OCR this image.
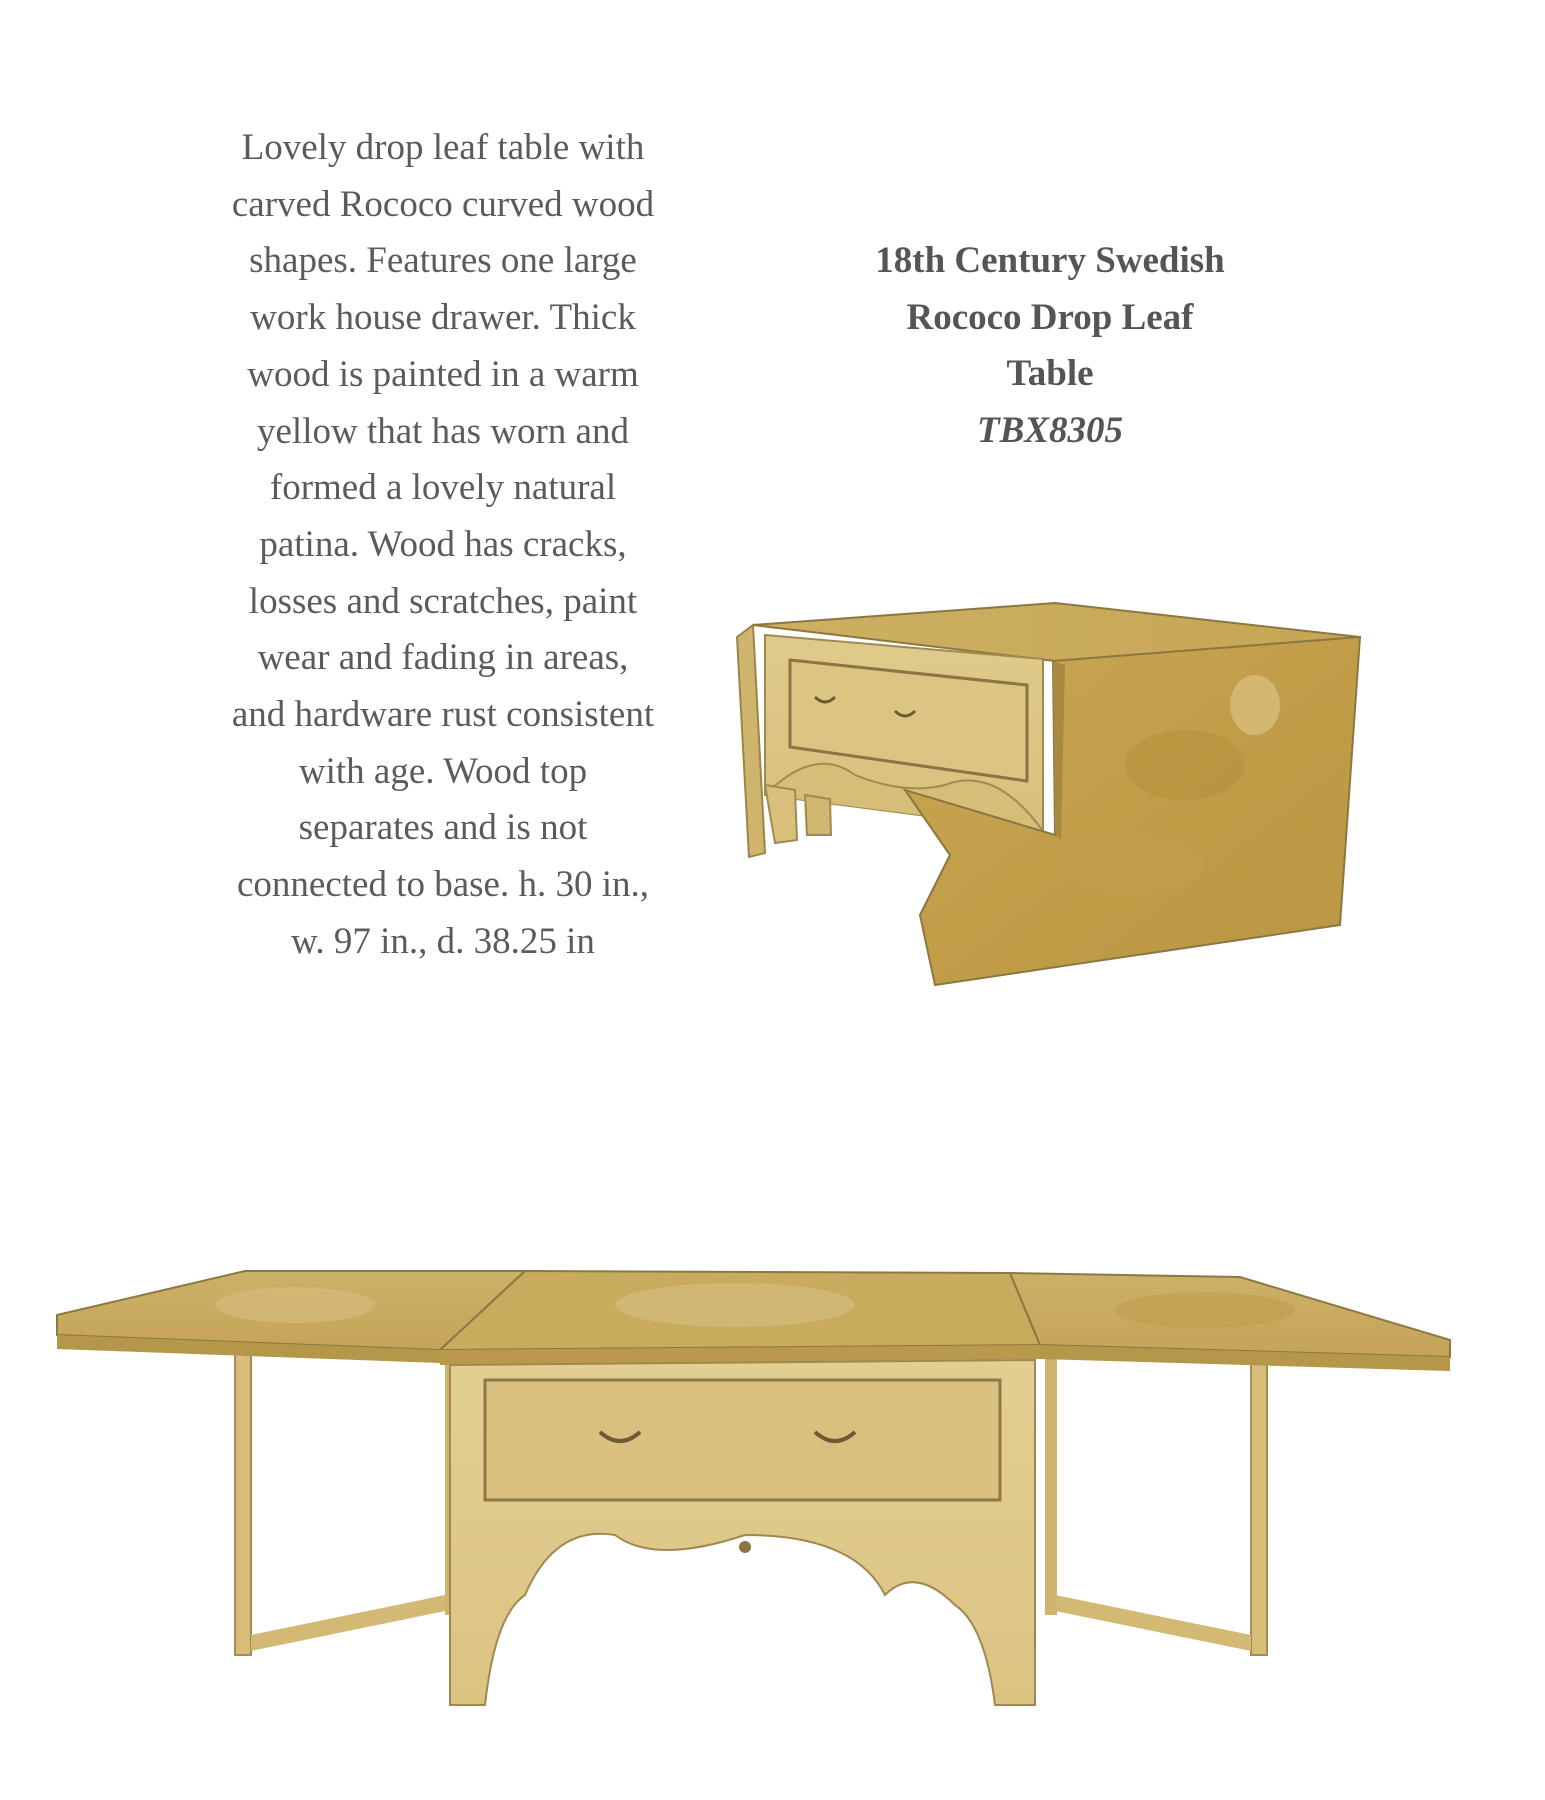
Lovely drop leaf table with carved Rococo curved wood shapes. Features one large work house drawer. Thick wood is painted in a warm yellow that has worn and formed a lovely natural patina. Wood has cracks, losses and scratches, paint wear and fading in areas, and hardware rust consistent with age. Wood top separates and is not connected to base. h. 30 in., w. 97 in., d. 38.25 in

18th Century Swedish
Rococo Drop Leaf
Table
TBX8305
